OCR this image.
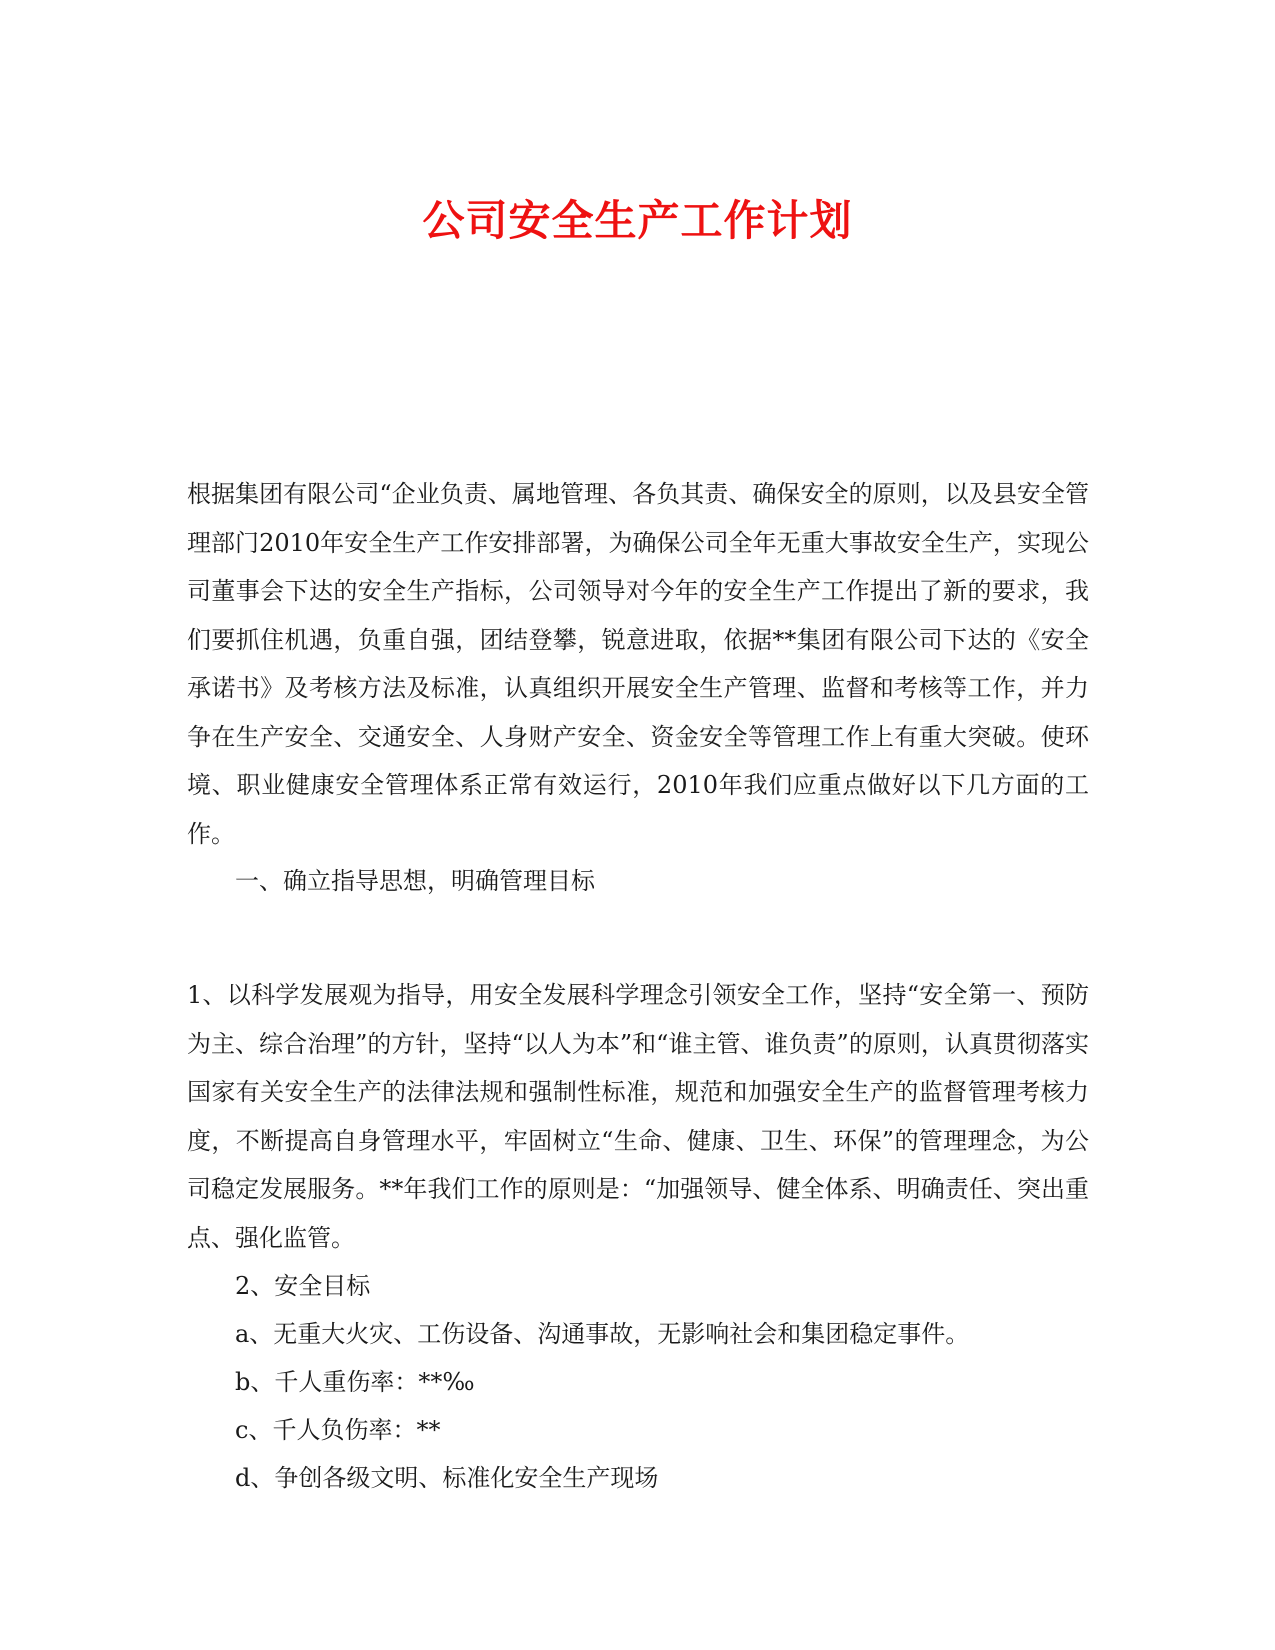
公司安全生产工作计划

根据集团有限公司“企业负责、属地管理、各负其责、确保安全的原则，以及县安全管理部门2010年安全生产工作安排部署，为确保公司全年无重大事故安全生产，实现公司董事会下达的安全生产指标，公司领导对今年的安全生产工作提出了新的要求，我们要抓住机遇，负重自强，团结登攀，锐意进取，依据**集团有限公司下达的《安全承诺书》及考核方法及标准，认真组织开展安全生产管理、监督和考核等工作，并力争在生产安全、交通安全、人身财产安全、资金安全等管理工作上有重大突破。使环境、职业健康安全管理体系正常有效运行，2010年我们应重点做好以下几方面的工作。

一、确立指导思想，明确管理目标

1、以科学发展观为指导，用安全发展科学理念引领安全工作，坚持“安全第一、预防为主、综合治理”的方针，坚持“以人为本”和“谁主管、谁负责”的原则，认真贯彻落实国家有关安全生产的法律法规和强制性标准，规范和加强安全生产的监督管理考核力度，不断提高自身管理水平，牢固树立“生命、健康、卫生、环保”的管理理念，为公司稳定发展服务。**年我们工作的原则是：“加强领导、健全体系、明确责任、突出重点、强化监管。

2、安全目标

a、无重大火灾、工伤设备、沟通事故，无影响社会和集团稳定事件。

b、千人重伤率：**‰

c、千人负伤率：**

d、争创各级文明、标准化安全生产现场
